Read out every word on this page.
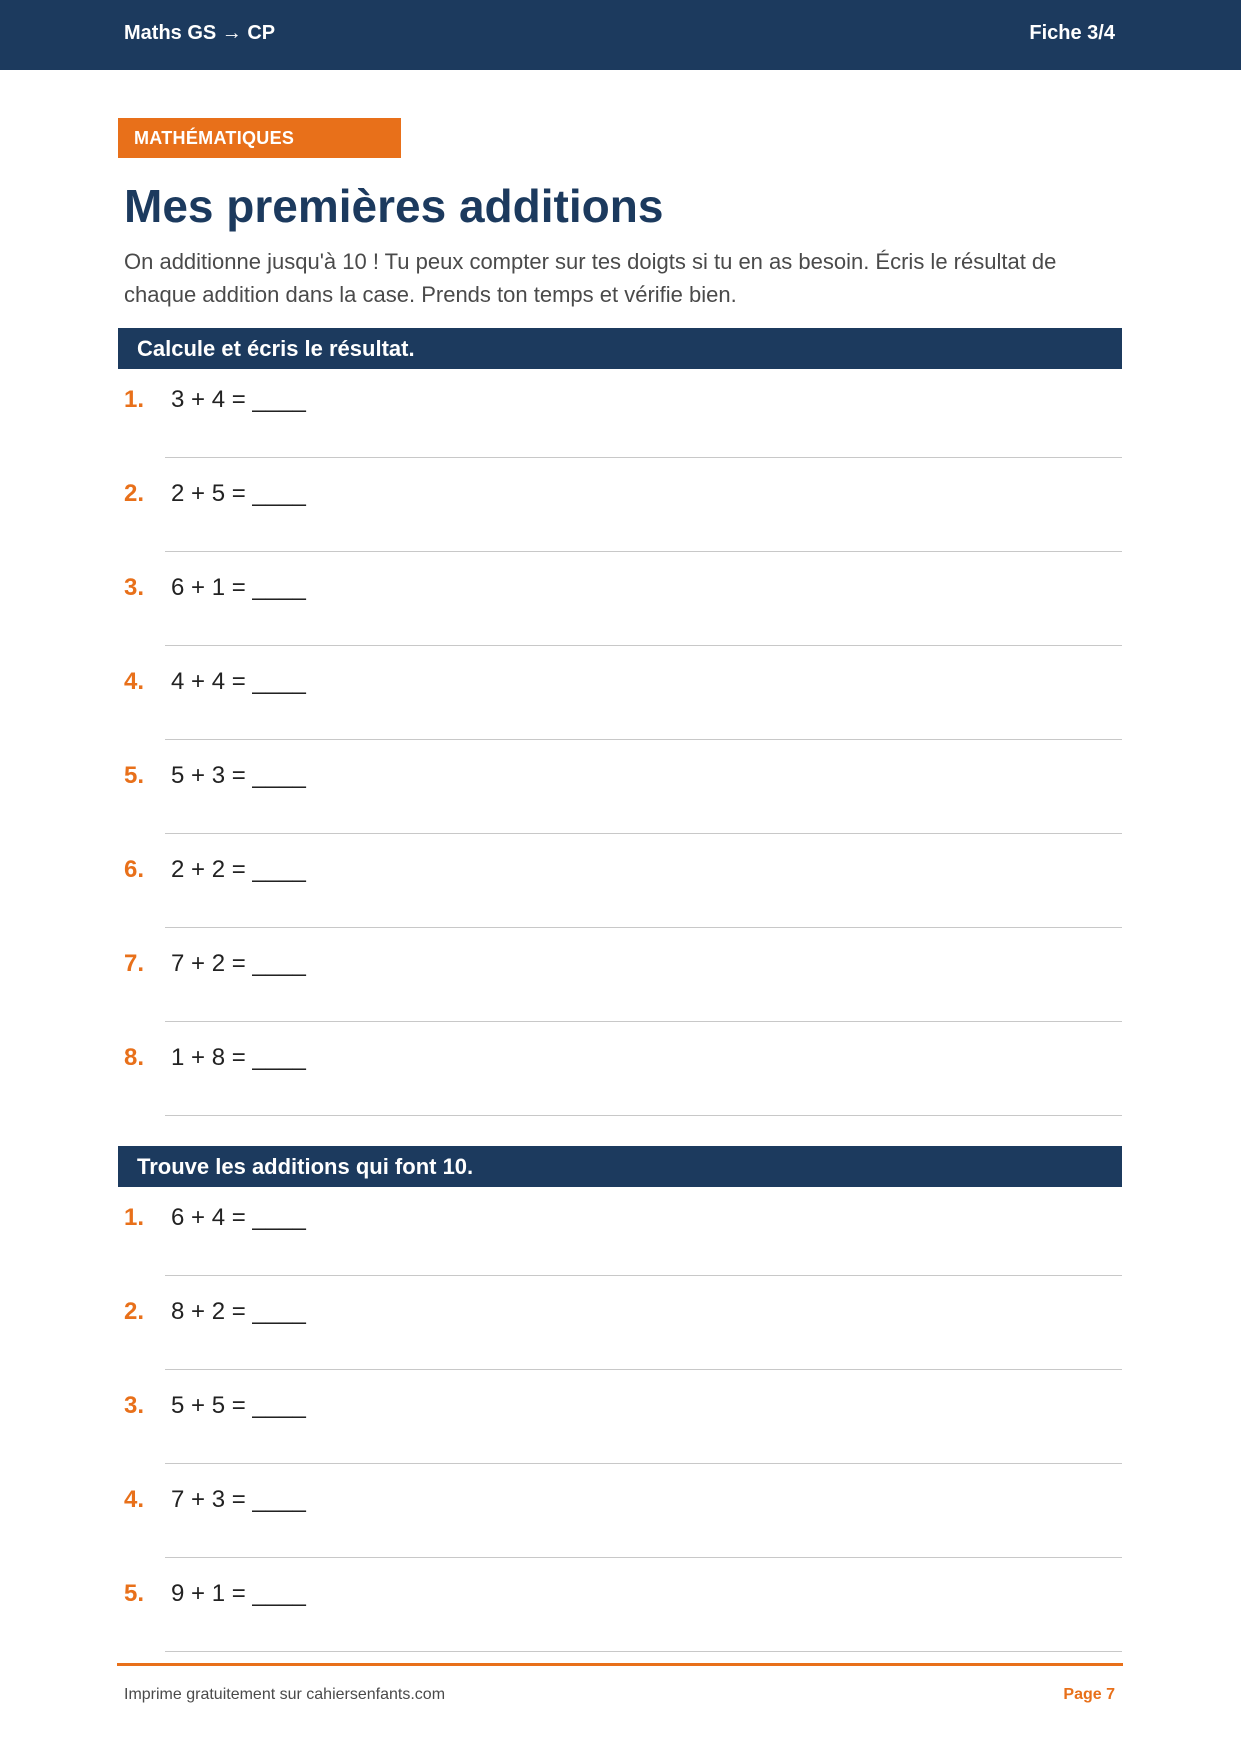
Maths GS → CP	Fiche 3/4
MATHÉMATIQUES
Mes premières additions

On additionne jusqu'à 10 ! Tu peux compter sur tes doigts si tu en as besoin. Écris le résultat de chaque addition dans la case. Prends ton temps et vérifie bien.

Calcule et écris le résultat.
1. 3 + 4 = ____
2. 2 + 5 = ____
3. 6 + 1 = ____
4. 4 + 4 = ____
5. 5 + 3 = ____
6. 2 + 2 = ____
7. 7 + 2 = ____
8. 1 + 8 = ____
Trouve les additions qui font 10.
1. 6 + 4 = ____
2. 8 + 2 = ____
3. 5 + 5 = ____
4. 7 + 3 = ____
5. 9 + 1 = ____
Imprime gratuitement sur cahiersenfants.com	Page 7
